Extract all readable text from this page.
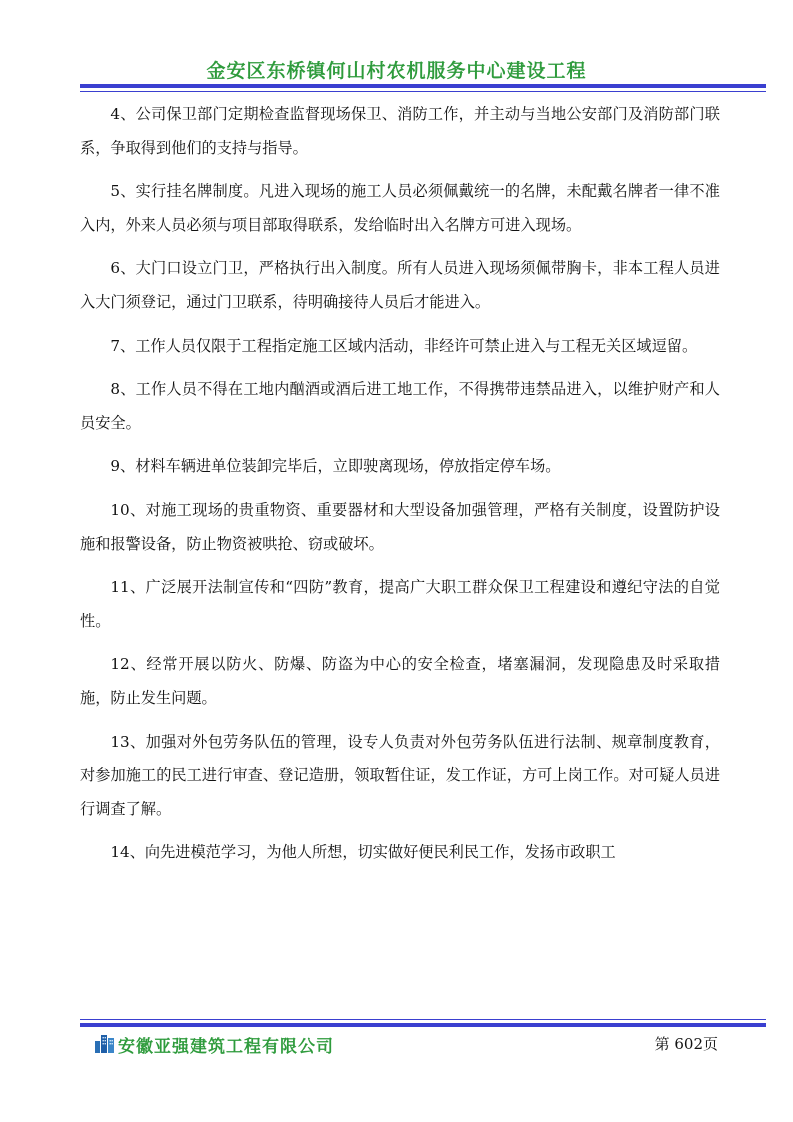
金安区东桥镇何山村农机服务中心建设工程

4、公司保卫部门定期检查监督现场保卫、消防工作，并主动与当地公安部门及消防部门联系，争取得到他们的支持与指导。

5、实行挂名牌制度。凡进入现场的施工人员必须佩戴统一的名牌，未配戴名牌者一律不准入内，外来人员必须与项目部取得联系，发给临时出入名牌方可进入现场。

6、大门口设立门卫，严格执行出入制度。所有人员进入现场须佩带胸卡，非本工程人员进入大门须登记，通过门卫联系，待明确接待人员后才能进入。

7、工作人员仅限于工程指定施工区域内活动，非经许可禁止进入与工程无关区域逗留。

8、工作人员不得在工地内酗酒或酒后进工地工作，不得携带违禁品进入，以维护财产和人员安全。

9、材料车辆进单位装卸完毕后，立即驶离现场，停放指定停车场。

10、对施工现场的贵重物资、重要器材和大型设备加强管理，严格有关制度，设置防护设施和报警设备，防止物资被哄抢、窃或破坏。

11、广泛展开法制宣传和“四防”教育，提高广大职工群众保卫工程建设和遵纪守法的自觉性。

12、经常开展以防火、防爆、防盗为中心的安全检查，堵塞漏洞，发现隐患及时采取措施，防止发生问题。

13、加强对外包劳务队伍的管理，设专人负责对外包劳务队伍进行法制、规章制度教育，对参加施工的民工进行审查、登记造册，领取暂住证，发工作证，方可上岗工作。对可疑人员进行调查了解。

14、向先进模范学习，为他人所想，切实做好便民利民工作，发扬市政职工

安徽亚强建筑工程有限公司	第 602页
